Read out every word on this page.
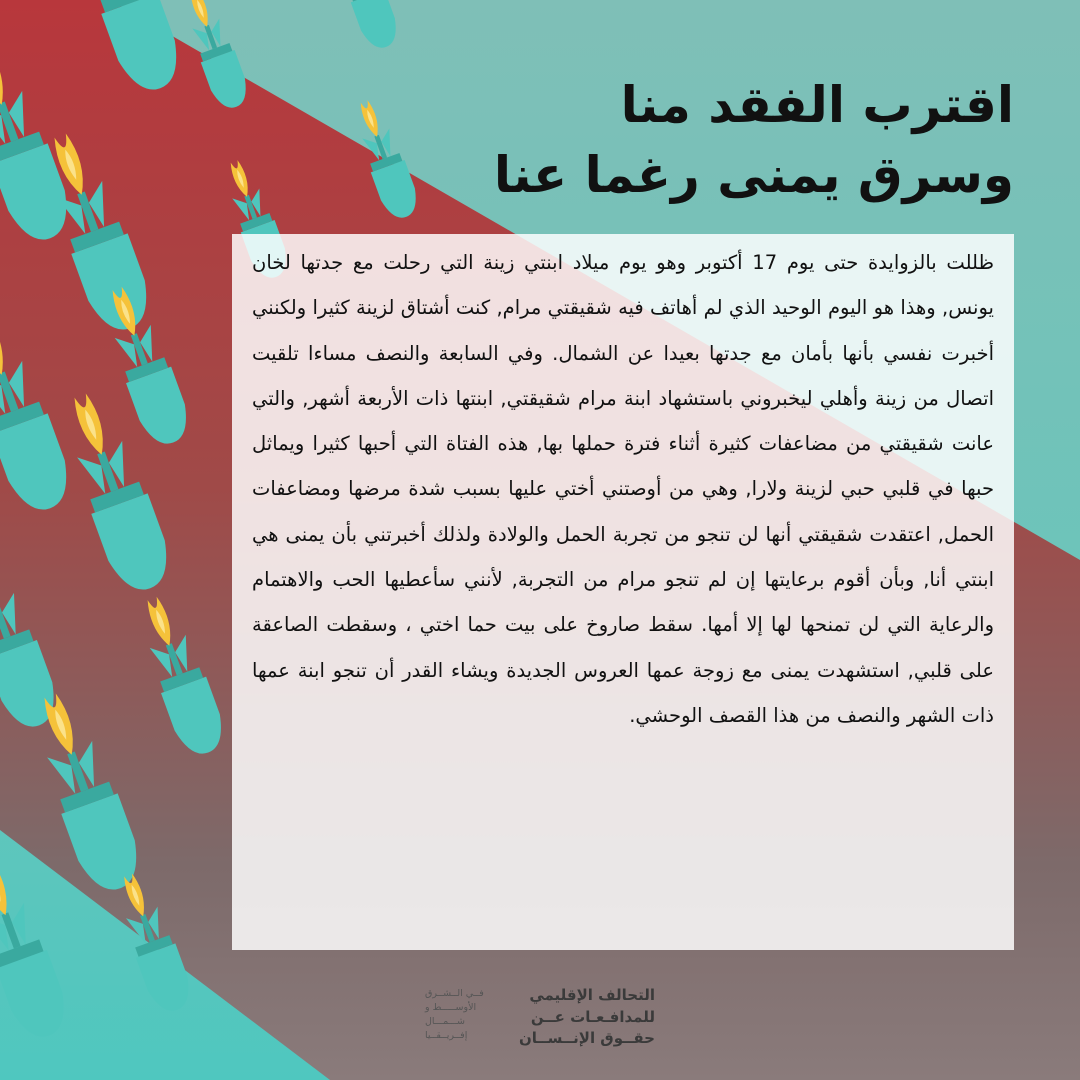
اقترب الفقد منا
وسرق يمنى رغما عنا

ظللت بالزوايدة حتى يوم 17 أكتوبر وهو يوم ميلاد ابنتي زينة التي رحلت مع جدتها لخان يونس, وهذا هو اليوم الوحيد الذي لم أهاتف فيه شقيقتي مرام, كنت أشتاق لزينة كثيرا ولكنني أخبرت نفسي بأنها بأمان مع جدتها بعيدا عن الشمال. وفي السابعة والنصف مساءا تلقيت اتصال من زينة وأهلي ليخبروني باستشهاد ابنة مرام شقيقتي, ابنتها ذات الأربعة أشهر, والتي عانت شقيقتي من مضاعفات كثيرة أثناء فترة حملها بها, هذه الفتاة التي أحبها كثيرا ويماثل حبها في قلبي حبي لزينة ولارا, وهي من أوصتني أختي عليها بسبب شدة مرضها ومضاعفات الحمل, اعتقدت شقيقتي أنها لن تنجو من تجربة الحمل والولادة ولذلك أخبرتني بأن يمنى هي ابنتي أنا, وبأن أقوم برعايتها إن لم تنجو مرام من التجربة, لأنني سأعطيها الحب والاهتمام والرعاية التي لن تمنحها لها إلا أمها. سقط صاروخ على بيت حما اختي ، وسقطت الصاعقة على قلبي, استشهدت يمنى مع زوجة عمها العروس الجديدة ويشاء القدر أن تنجو ابنة عمها ذات الشهر والنصف من هذا القصف الوحشي.

التحالف الإقليمي
للمدافـعـات عــن
حقــوق الإنــســان
فــي الــشــرق
الأوســـــط و
شـــمـــال
إفــريــقــيا
